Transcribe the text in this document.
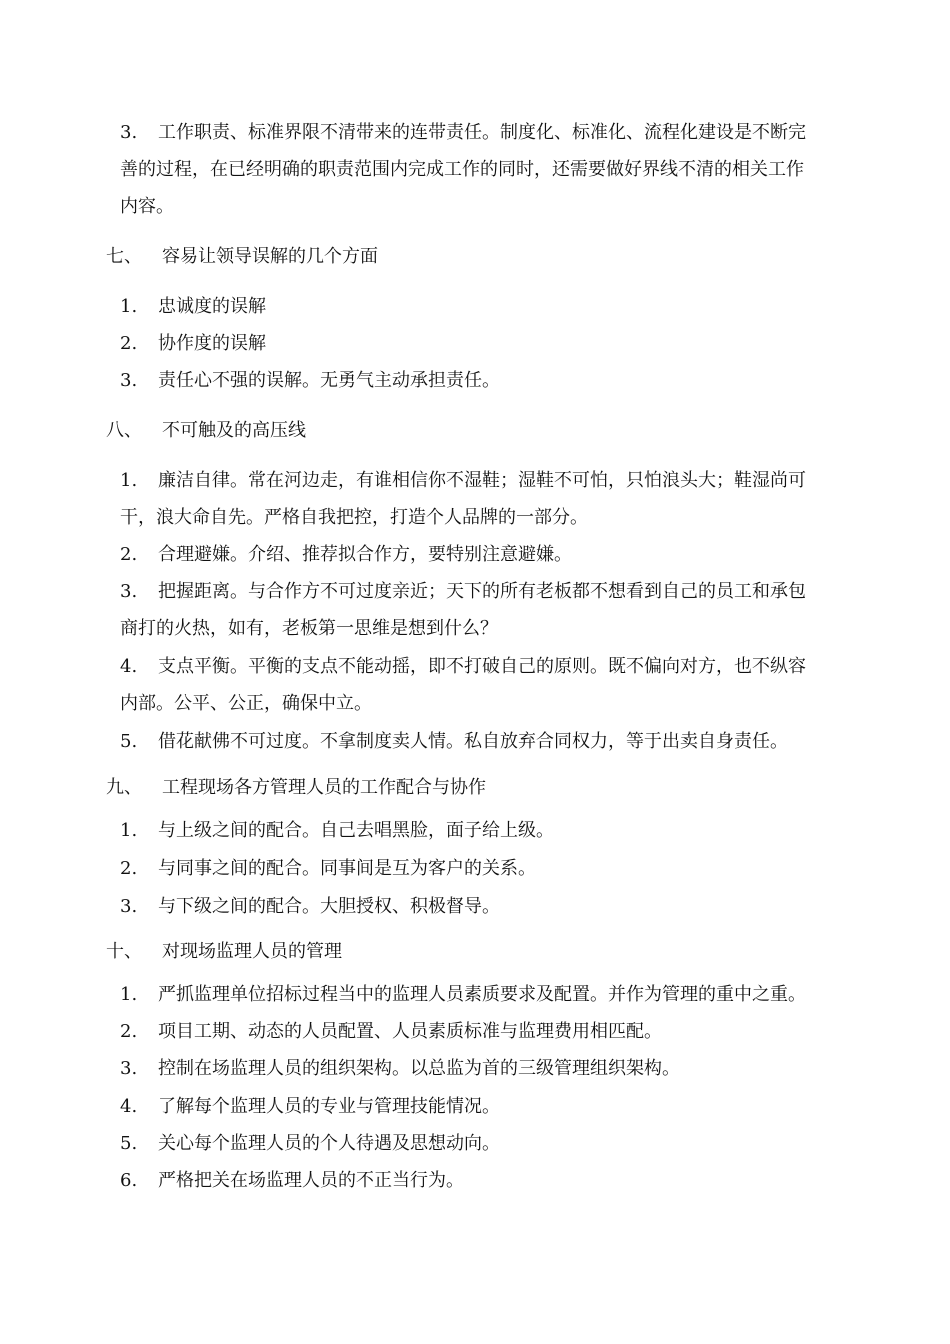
3. 工作职责、标准界限不清带来的连带责任。制度化、标准化、流程化建设是不断完
善的过程，在已经明确的职责范围内完成工作的同时，还需要做好界线不清的相关工作
内容。
七、 容易让领导误解的几个方面
1. 忠诚度的误解
2. 协作度的误解
3. 责任心不强的误解。无勇气主动承担责任。
八、 不可触及的高压线
1. 廉洁自律。常在河边走，有谁相信你不湿鞋；湿鞋不可怕，只怕浪头大；鞋湿尚可
干，浪大命自先。严格自我把控，打造个人品牌的一部分。
2. 合理避嫌。介绍、推荐拟合作方，要特别注意避嫌。
3. 把握距离。与合作方不可过度亲近；天下的所有老板都不想看到自己的员工和承包
商打的火热，如有，老板第一思维是想到什么？
4. 支点平衡。平衡的支点不能动摇，即不打破自己的原则。既不偏向对方，也不纵容
内部。公平、公正，确保中立。
5. 借花献佛不可过度。不拿制度卖人情。私自放弃合同权力，等于出卖自身责任。
九、 工程现场各方管理人员的工作配合与协作
1. 与上级之间的配合。自己去唱黑脸，面子给上级。
2. 与同事之间的配合。同事间是互为客户的关系。
3. 与下级之间的配合。大胆授权、积极督导。
十、 对现场监理人员的管理
1. 严抓监理单位招标过程当中的监理人员素质要求及配置。并作为管理的重中之重。
2. 项目工期、动态的人员配置、人员素质标准与监理费用相匹配。
3. 控制在场监理人员的组织架构。以总监为首的三级管理组织架构。
4. 了解每个监理人员的专业与管理技能情况。
5. 关心每个监理人员的个人待遇及思想动向。
6. 严格把关在场监理人员的不正当行为。
